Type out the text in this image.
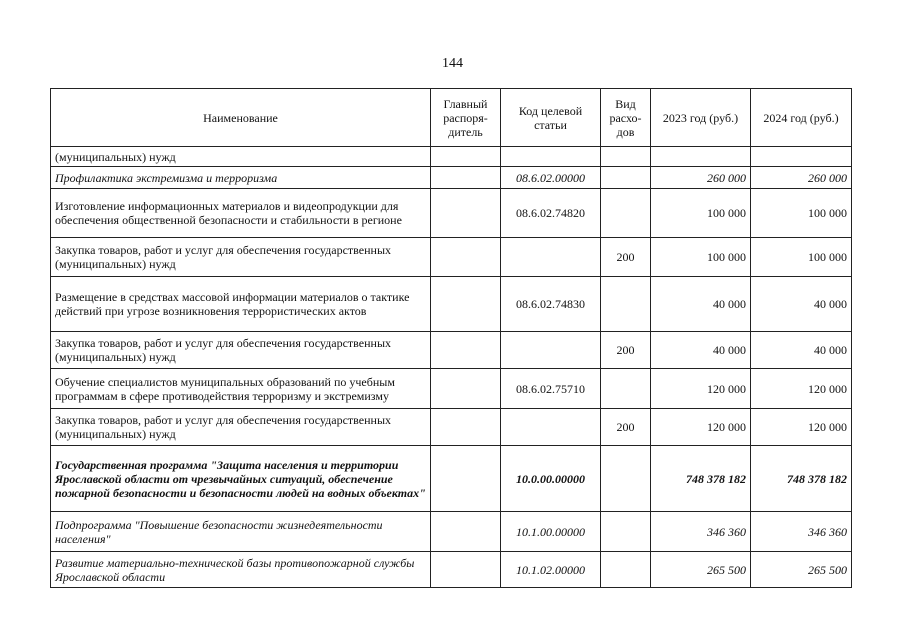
144
Наименование	Главный распоря-дитель	Код целевой статьи	Вид расхо-дов	2023 год (руб.)	2024 год (руб.)
(муниципальных) нужд					
Профилактика экстремизма и терроризма		08.6.02.00000		260 000	260 000
Изготовление информационных материалов и видеопродукции для обеспечения общественной безопасности и стабильности в регионе		08.6.02.74820		100 000	100 000
Закупка товаров, работ и услуг для обеспечения государственных (муниципальных) нужд			200	100 000	100 000
Размещение в средствах массовой информации материалов о тактике действий при угрозе возникновения террористических актов		08.6.02.74830		40 000	40 000
Закупка товаров, работ и услуг для обеспечения государственных (муниципальных) нужд			200	40 000	40 000
Обучение специалистов муниципальных образований по учебным программам в сфере противодействия терроризму и экстремизму		08.6.02.75710		120 000	120 000
Закупка товаров, работ и услуг для обеспечения государственных (муниципальных) нужд			200	120 000	120 000
Государственная программа "Защита населения и территории Ярославской области от чрезвычайных ситуаций, обеспечение пожарной безопасности и безопасности людей на водных объектах"		10.0.00.00000		748 378 182	748 378 182
Подпрограмма "Повышение безопасности жизнедеятельности населения"		10.1.00.00000		346 360	346 360
Развитие материально-технической базы противопожарной службы Ярославской области		10.1.02.00000		265 500	265 500
